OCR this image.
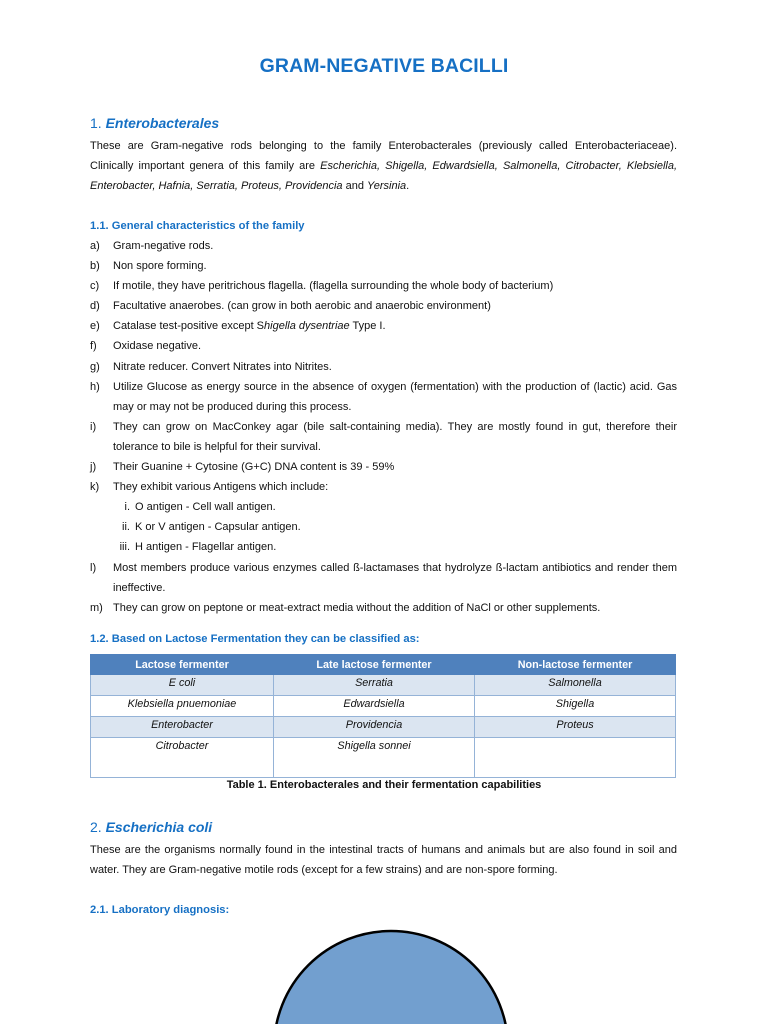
GRAM-NEGATIVE BACILLI
1. Enterobacterales
These are Gram-negative rods belonging to the family Enterobacterales (previously called Enterobacteriaceae). Clinically important genera of this family are Escherichia, Shigella, Edwardsiella, Salmonella, Citrobacter, Klebsiella, Enterobacter, Hafnia, Serratia, Proteus, Providencia and Yersinia.
1.1. General characteristics of the family
a) Gram-negative rods.
b) Non spore forming.
c) If motile, they have peritrichous flagella. (flagella surrounding the whole body of bacterium)
d) Facultative anaerobes. (can grow in both aerobic and anaerobic environment)
e) Catalase test-positive except Shigella dysentriae Type I.
f) Oxidase negative.
g) Nitrate reducer. Convert Nitrates into Nitrites.
h) Utilize Glucose as energy source in the absence of oxygen (fermentation) with the production of (lactic) acid. Gas may or may not be produced during this process.
i) They can grow on MacConkey agar (bile salt-containing media). They are mostly found in gut, therefore their tolerance to bile is helpful for their survival.
j) Their Guanine + Cytosine (G+C) DNA content is 39 - 59%
k) They exhibit various Antigens which include:
i. O antigen - Cell wall antigen.
ii. K or V antigen - Capsular antigen.
iii. H antigen - Flagellar antigen.
l) Most members produce various enzymes called ß-lactamases that hydrolyze ß-lactam antibiotics and render them ineffective.
m) They can grow on peptone or meat-extract media without the addition of NaCl or other supplements.
1.2. Based on Lactose Fermentation they can be classified as:
Lactose fermenter	Late lactose fermenter	Non-lactose fermenter
E coli	Serratia	Salmonella
Klebsiella pnuemoniae	Edwardsiella	Shigella
Enterobacter	Providencia	Proteus
Citrobacter	Shigella sonnei	
Table 1. Enterobacterales and their fermentation capabilities
2. Escherichia coli
These are the organisms normally found in the intestinal tracts of humans and animals but are also found in soil and water. They are Gram-negative motile rods (except for a few strains) and are non-spore forming.
2.1. Laboratory diagnosis:
